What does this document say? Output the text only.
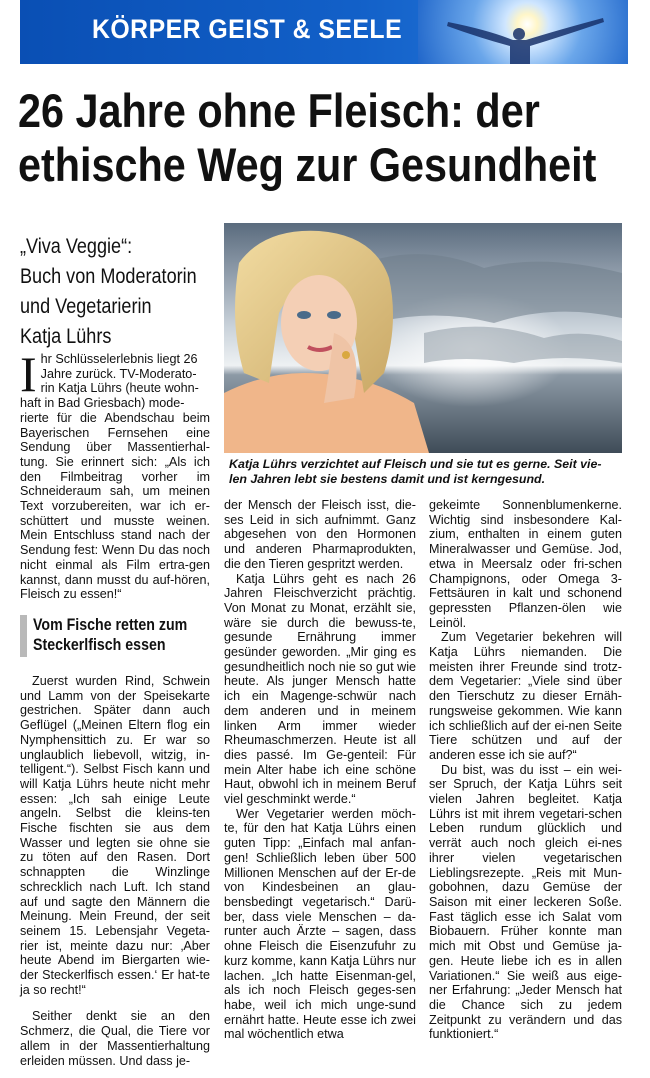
KÖRPER GEIST & SEELE
26 Jahre ohne Fleisch: der
ethische Weg zur Gesundheit
„Viva Veggie“:
Buch von Moderatorin
und Vegetarierin
Katja Lührs
Katja Lührs verzichtet auf Fleisch und sie tut es gerne. Seit vie-
len Jahren lebt sie bestens damit und ist kerngesund.
I hr Schlüsselerlebnis liegt 26
Jahre zurück. TV-Moderato-
rin Katja Lührs (heute wohn-
haft in Bad Griesbach) mode-
rierte für die Abendschau beim Bayerischen Fernsehen eine Sendung über Massentierhal-tung. Sie erinnert sich: „Als ich den Filmbeitrag vorher im Schneideraum sah, um meinen Text vorzubereiten, war ich er-schüttert und musste weinen. Mein Entschluss stand nach der Sendung fest: Wenn Du das noch nicht einmal als Film ertra-gen kannst, dann musst du auf-hören, Fleisch zu essen!“

Vom Fische retten zum
Steckerlfisch essen

Zuerst wurden Rind, Schwein und Lamm von der Speisekarte gestrichen. Später dann auch Geflügel („Meinen Eltern flog ein Nymphensittich zu. Er war so unglaublich liebevoll, witzig, in-telligent.“). Selbst Fisch kann und will Katja Lührs heute nicht mehr essen: „Ich sah einige Leute angeln. Selbst die kleins-ten Fische fischten sie aus dem Wasser und legten sie ohne sie zu töten auf den Rasen. Dort schnappten die Winzlinge schrecklich nach Luft. Ich stand auf und sagte den Männern die Meinung. Mein Freund, der seit seinem 15. Lebensjahr Vegeta-rier ist, meinte dazu nur: ‚Aber heute Abend im Biergarten wie-der Steckerlfisch essen.‘ Er hat-te ja so recht!“

Seither denkt sie an den Schmerz, die Qual, die Tiere vor allem in der Massentierhaltung erleiden müssen. Und dass je-

der Mensch der Fleisch isst, die-ses Leid in sich aufnimmt. Ganz abgesehen von den Hormonen und anderen Pharmaprodukten, die den Tieren gespritzt werden.

Katja Lührs geht es nach 26 Jahren Fleischverzicht prächtig. Von Monat zu Monat, erzählt sie, wäre sie durch die bewuss-te, gesunde Ernährung immer gesünder geworden. „Mir ging es gesundheitlich noch nie so gut wie heute. Als junger Mensch hatte ich ein Magenge-schwür nach dem anderen und in meinem linken Arm immer wieder Rheumaschmerzen. Heute ist all dies passé. Im Ge-genteil: Für mein Alter habe ich eine schöne Haut, obwohl ich in meinem Beruf viel geschminkt werde.“

Wer Vegetarier werden möch-te, für den hat Katja Lührs einen guten Tipp: „Einfach mal anfan-gen! Schließlich leben über 500 Millionen Menschen auf der Er-de von Kindesbeinen an glau-bensbedingt vegetarisch.“ Darü-ber, dass viele Menschen – da-runter auch Ärzte – sagen, dass ohne Fleisch die Eisenzufuhr zu kurz komme, kann Katja Lührs nur lachen. „Ich hatte Eisenman-gel, als ich noch Fleisch geges-sen habe, weil ich mich unge-sund ernährt hatte. Heute esse ich zwei mal wöchentlich etwa

gekeimte Sonnenblumenkerne. Wichtig sind insbesondere Kal-zium, enthalten in einem guten Mineralwasser und Gemüse. Jod, etwa in Meersalz oder fri-schen Champignons, oder Omega 3-Fettsäuren in kalt und schonend gepressten Pflanzen-ölen wie Leinöl.

Zum Vegetarier bekehren will Katja Lührs niemanden. Die meisten ihrer Freunde sind trotz-dem Vegetarier: „Viele sind über den Tierschutz zu dieser Ernäh-rungsweise gekommen. Wie kann ich schließlich auf der ei-nen Seite Tiere schützen und auf der anderen esse ich sie auf?“

Du bist, was du isst – ein wei-ser Spruch, der Katja Lührs seit vielen Jahren begleitet. Katja Lührs ist mit ihrem vegetari-schen Leben rundum glücklich und verrät auch noch gleich ei-nes ihrer vielen vegetarischen Lieblingsrezepte. „Reis mit Mun-gobohnen, dazu Gemüse der Saison mit einer leckeren Soße. Fast täglich esse ich Salat vom Biobauern. Früher konnte man mich mit Obst und Gemüse ja-gen. Heute liebe ich es in allen Variationen.“ Sie weiß aus eige-ner Erfahrung: „Jeder Mensch hat die Chance sich zu jedem Zeitpunkt zu verändern und das funktioniert.“
